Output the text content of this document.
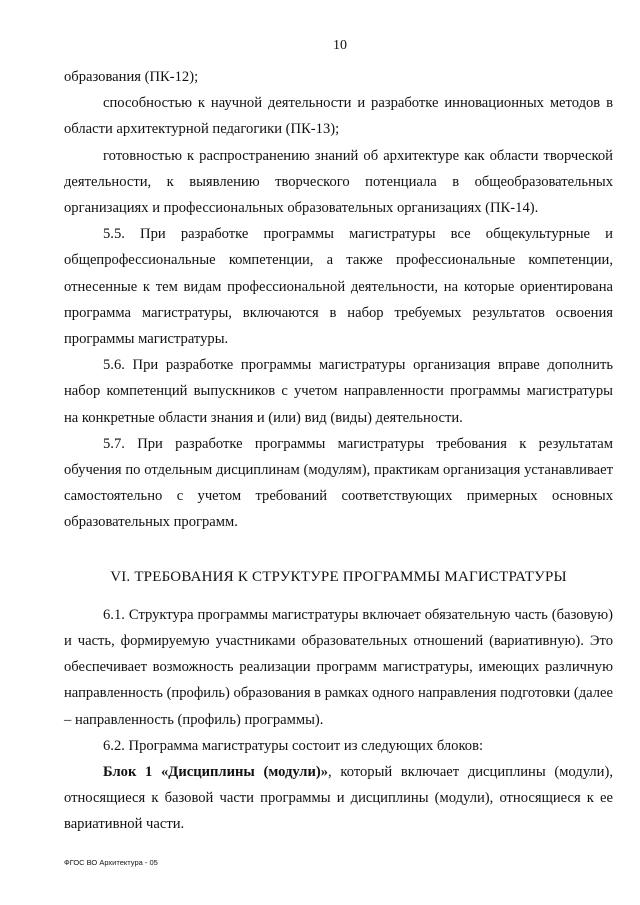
10

образования (ПК-12);

способностью к научной деятельности и разработке инновационных методов в области архитектурной педагогики (ПК-13);

готовностью к распространению знаний об архитектуре как области творческой деятельности, к выявлению творческого потенциала в общеобразовательных организациях и профессиональных образовательных организациях (ПК-14).

5.5. При разработке программы магистратуры все общекультурные и общепрофессиональные компетенции, а также профессиональные компетенции, отнесенные к тем видам профессиональной деятельности, на которые ориентирована программа магистратуры, включаются в набор требуемых результатов освоения программы магистратуры.

5.6. При разработке программы магистратуры организация вправе дополнить набор компетенций выпускников с учетом направленности программы магистратуры на конкретные области знания и (или) вид (виды) деятельности.

5.7. При разработке программы магистратуры требования к результатам обучения по отдельным дисциплинам (модулям), практикам организация устанавливает самостоятельно с учетом требований соответствующих примерных основных образовательных программ.

VI. ТРЕБОВАНИЯ К СТРУКТУРЕ ПРОГРАММЫ МАГИСТРАТУРЫ

6.1. Структура программы магистратуры включает обязательную часть (базовую) и часть, формируемую участниками образовательных отношений (вариативную). Это обеспечивает возможность реализации программ магистратуры, имеющих различную направленность (профиль) образования в рамках одного направления подготовки (далее – направленность (профиль) программы).

6.2. Программа магистратуры состоит из следующих блоков:

Блок 1 «Дисциплины (модули)», который включает дисциплины (модули), относящиеся к базовой части программы и дисциплины (модули), относящиеся к ее вариативной части.

ФГОС ВО Архитектура - 05
